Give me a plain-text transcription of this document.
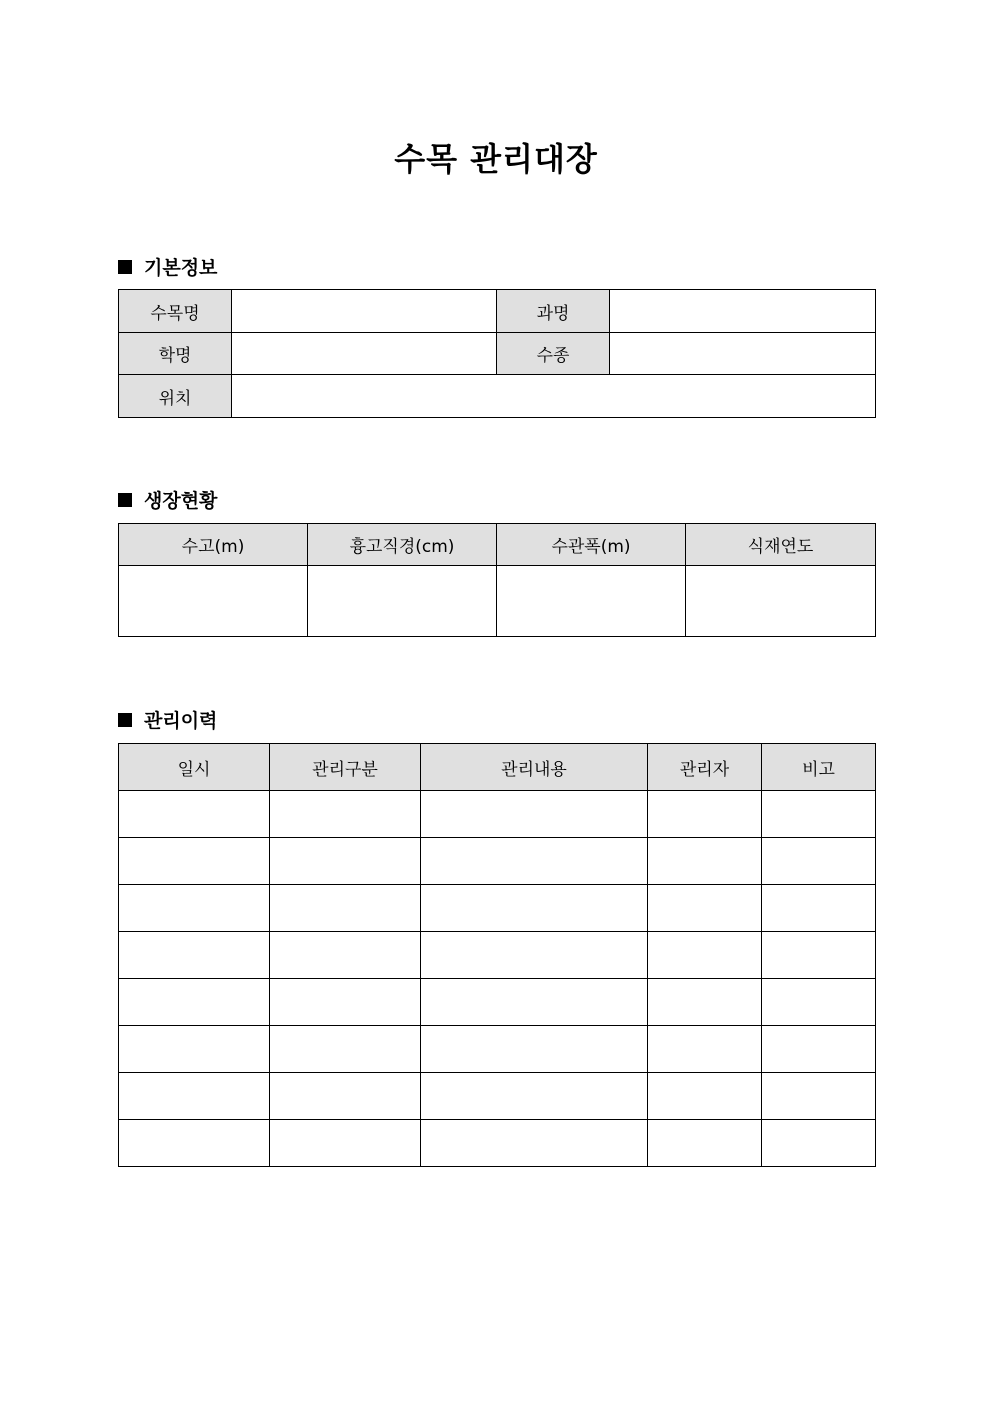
수목 관리대장
기본정보
수목명		과명	
학명		수종	
위치			
생장현황
수고(m)	흉고직경(cm)	수관폭(m)	식재연도

관리이력
일시	관리구분	관리내용	관리자	비고
